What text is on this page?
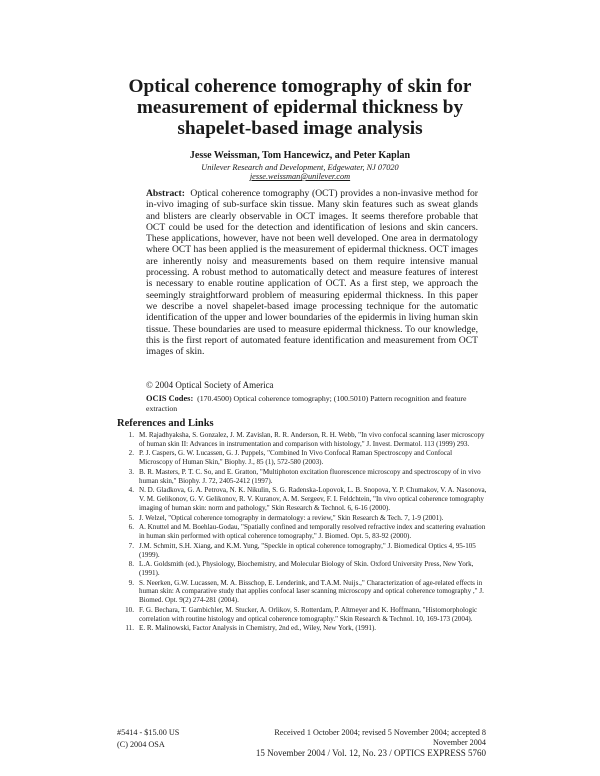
Optical coherence tomography of skin for measurement of epidermal thickness by shapelet-based image analysis
Jesse Weissman, Tom Hancewicz, and Peter Kaplan
Unilever Research and Development, Edgewater, NJ 07020
jesse.weissman@unilever.com
Abstract: Optical coherence tomography (OCT) provides a non-invasive method for in-vivo imaging of sub-surface skin tissue. Many skin features such as sweat glands and blisters are clearly observable in OCT images. It seems therefore probable that OCT could be used for the detection and identification of lesions and skin cancers. These applications, however, have not been well developed. One area in dermatology where OCT has been applied is the measurement of epidermal thickness. OCT images are inherently noisy and measurements based on them require intensive manual processing. A robust method to automatically detect and measure features of interest is necessary to enable routine application of OCT. As a first step, we approach the seemingly straightforward problem of measuring epidermal thickness. In this paper we describe a novel shapelet-based image processing technique for the automatic identification of the upper and lower boundaries of the epidermis in living human skin tissue. These boundaries are used to measure epidermal thickness. To our knowledge, this is the first report of automated feature identification and measurement from OCT images of skin.
© 2004 Optical Society of America
OCIS Codes: (170.4500) Optical coherence tomography; (100.5010) Pattern recognition and feature extraction
References and Links
1. M. Rajadhyaksha, S. Gonzalez, J. M. Zavislan, R. R. Anderson, R. H. Webb, "In vivo confocal scanning laser microscopy of human skin II: Advances in instrumentation and comparison with histology," J. Invest. Dermatol. 113 (1999) 293.
2. P. J. Caspers, G. W. Lucassen, G. J. Puppels, "Combined In Vivo Confocal Raman Spectroscopy and Confocal Microscopy of Human Skin," Biophy. J., 85 (1), 572-580 (2003).
3. B. R. Masters, P. T. C. So, and E. Gratton, "Multiphoton excitation fluorescence microscopy and spectroscopy of in vivo human skin," Biophy. J. 72, 2405-2412 (1997).
4. N. D. Gladkova, G. A. Petrova, N. K. Nikulin, S. G. Radenska-Lopovok, L. B. Snopova, Y. P. Chumakov, V. A. Nasonova, V. M. Gelikonov, G. V. Gelikonov, R. V. Kuranov, A. M. Sergeev, F. I. Feldchtein, "In vivo optical coherence tomography imaging of human skin: norm and pathology," Skin Research & Technol. 6, 6-16 (2000).
5. J. Welzel, "Optical coherence tomography in dermatology: a review," Skin Research & Tech. 7, 1-9 (2001).
6. A. Knuttel and M. Boehlau-Godau, "Spatially confined and temporally resolved refractive index and scattering evaluation in human skin performed with optical coherence tomography," J. Biomed. Opt. 5, 83-92 (2000).
7. J.M. Schmitt, S.H. Xiang, and K.M. Yung, "Speckle in optical coherence tomography," J. Biomedical Optics 4, 95-105 (1999).
8. L.A. Goldsmith (ed.), Physiology, Biochemistry, and Molecular Biology of Skin. Oxford University Press, New York, (1991).
9. S. Neerken, G.W. Lucassen, M. A. Bisschop, E. Lenderink, and T.A.M. Nuijs.," Characterization of age-related effects in human skin: A comparative study that applies confocal laser scanning microscopy and optical coherence tomography ," J. Biomed. Opt. 9(2) 274-281 (2004).
10. F. G. Bechara, T. Gambichler, M. Stucker, A. Orlikov, S. Rotterdam, P. Altmeyer and K. Hoffmann, "Histomorphologic correlation with routine histology and optical coherence tomography." Skin Research & Technol. 10, 169-173 (2004).
11. E. R. Malinowski, Factor Analysis in Chemistry, 2nd ed., Wiley, New York, (1991).
#5414 - $15.00 US
(C) 2004 OSA
Received 1 October 2004; revised 5 November 2004; accepted 8 November 2004
15 November 2004 / Vol. 12, No. 23 / OPTICS EXPRESS 5760
